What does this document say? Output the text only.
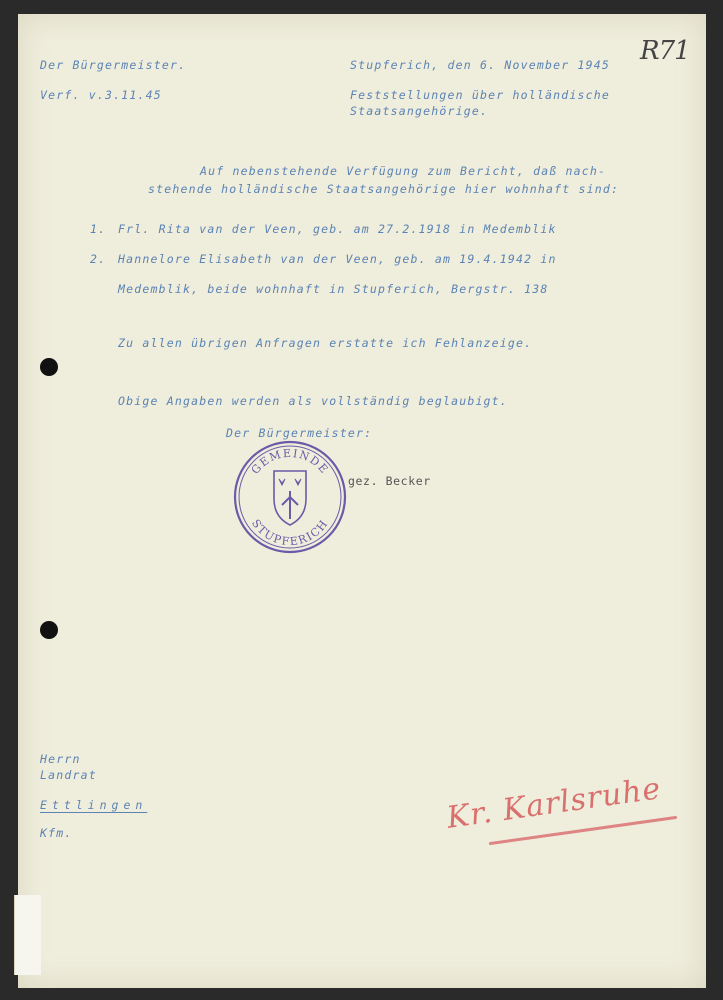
R71
Der Bürgermeister.
Verf. v.3.11.45
Stupferich, den 6. November 1945
Feststellungen über holländische
Staatsangehörige.
Auf nebenstehende Verfügung zum Bericht, daß nach-
stehende holländische Staatsangehörige hier wohnhaft sind:
1. Frl. Rita van der Veen, geb. am 27.2.1918 in Medemblik
2. Hannelore Elisabeth van der Veen, geb. am 19.4.1942 in
Medemblik, beide wohnhaft in Stupferich, Bergstr. 138
Zu allen übrigen Anfragen erstatte ich Fehlanzeige.
Obige Angaben werden als vollständig beglaubigt.
Der Bürgermeister:
gez. Becker
GEMEINDE
STUPFERICH
Herrn
Landrat
Ettlingen
Kfm.	Kr. Karlsruhe
